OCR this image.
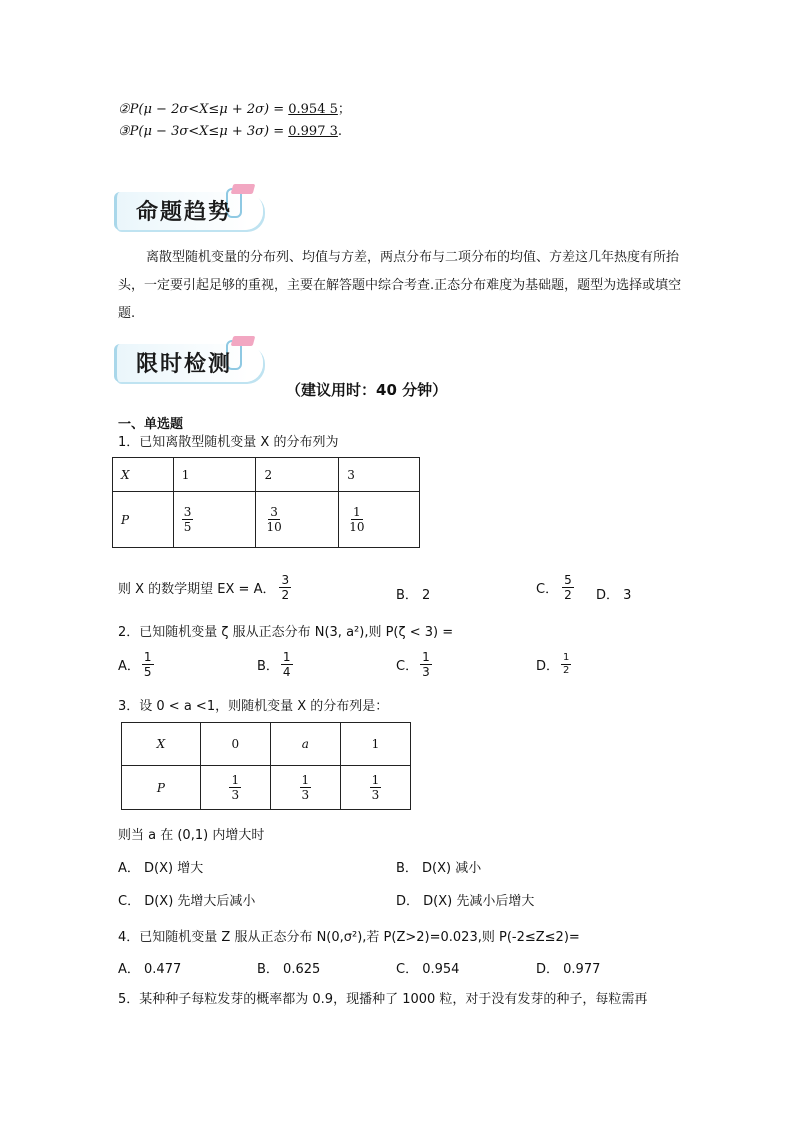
②P(μ − 2σ<X≤μ + 2σ) = 0.954 5；
③P(μ − 3σ<X≤μ + 3σ) = 0.997 3.
命题趋势
离散型随机变量的分布列、均值与方差，两点分布与二项分布的均值、方差这几年热度有所抬头，一定要引起足够的重视，主要在解答题中综合考查.正态分布难度为基础题，题型为选择或填空题.
限时检测
（建议用时：40 分钟）
一、单选题
1．已知离散型随机变量 X 的分布列为
X	1	2	3
P	$\frac{3}{5}$	$\frac{3}{10}$	$\frac{1}{10}$
则 X 的数学期望 EX = A． $\frac{3}{2}$	B． 2	C． $\frac{5}{2}$ D． 3
2．已知随机变量 ζ 服从正态分布 N(3, a²),则 P(ζ < 3) =
A． $\frac{1}{5}$	B． $\frac{1}{4}$	C． $\frac{1}{3}$	D． $\frac{1}{2}$
3．设 0 < a <1，则随机变量 X 的分布列是：
X	0	a	1
P	$\frac{1}{3}$	$\frac{1}{3}$	$\frac{1}{3}$
则当 a 在 (0,1) 内增大时
A． D(X) 增大	B． D(X) 减小
C． D(X) 先增大后减小	D． D(X) 先减小后增大
4．已知随机变量 Z 服从正态分布 N(0,σ²),若 P(Z>2)=0.023,则 P(-2≤Z≤2)=
A． 0.477	B． 0.625	C． 0.954	D． 0.977
5．某种种子每粒发芽的概率都为 0.9，现播种了 1000 粒，对于没有发芽的种子，每粒需再
